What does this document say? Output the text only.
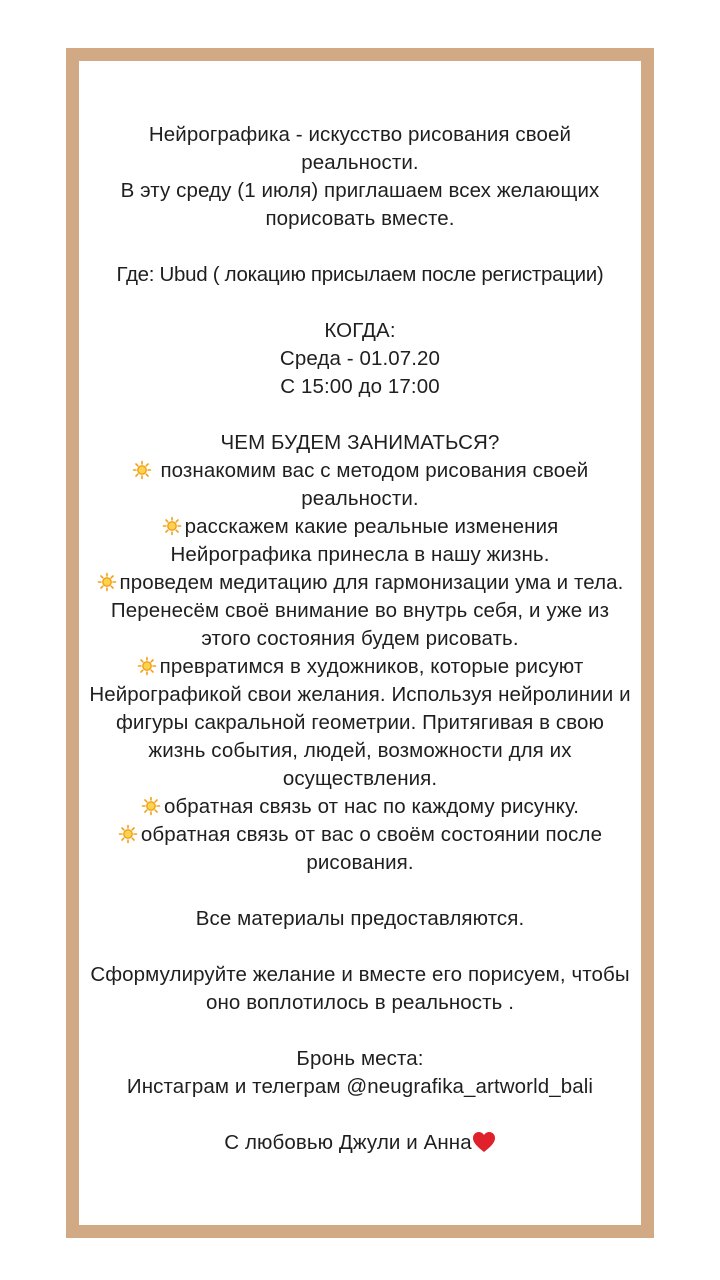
Нейрографика - искусство рисования своей реальности.

В эту среду (1 июля) приглашаем всех желающих порисовать вместе.

Где: Ubud ( локацию присылаем после регистрации)

КОГДА:

Среда - 01.07.20

С 15:00 до 17:00

ЧЕМ БУДЕМ ЗАНИМАТЬСЯ?

познакомим вас с методом рисования своей реальности.

расскажем какие реальные изменения Нейрографика принесла в нашу жизнь.

проведем медитацию для гармонизации ума и тела. Перенесём своё внимание во внутрь себя, и уже из этого состояния будем рисовать.

превратимся в художников, которые рисуют Нейрографикой свои желания. Используя нейролинии и фигуры сакральной геометрии. Притягивая в свою жизнь события, людей, возможности для их осуществления.

обратная связь от нас по каждому рисунку.

обратная связь от вас о своём состоянии после рисования.

Все материалы предоставляются.

Сформулируйте желание и вместе его порисуем, чтобы оно воплотилось в реальность .

Бронь места:

Инстаграм и телеграм @neugrafika_artworld_bali

С любовью Джули и Анна
